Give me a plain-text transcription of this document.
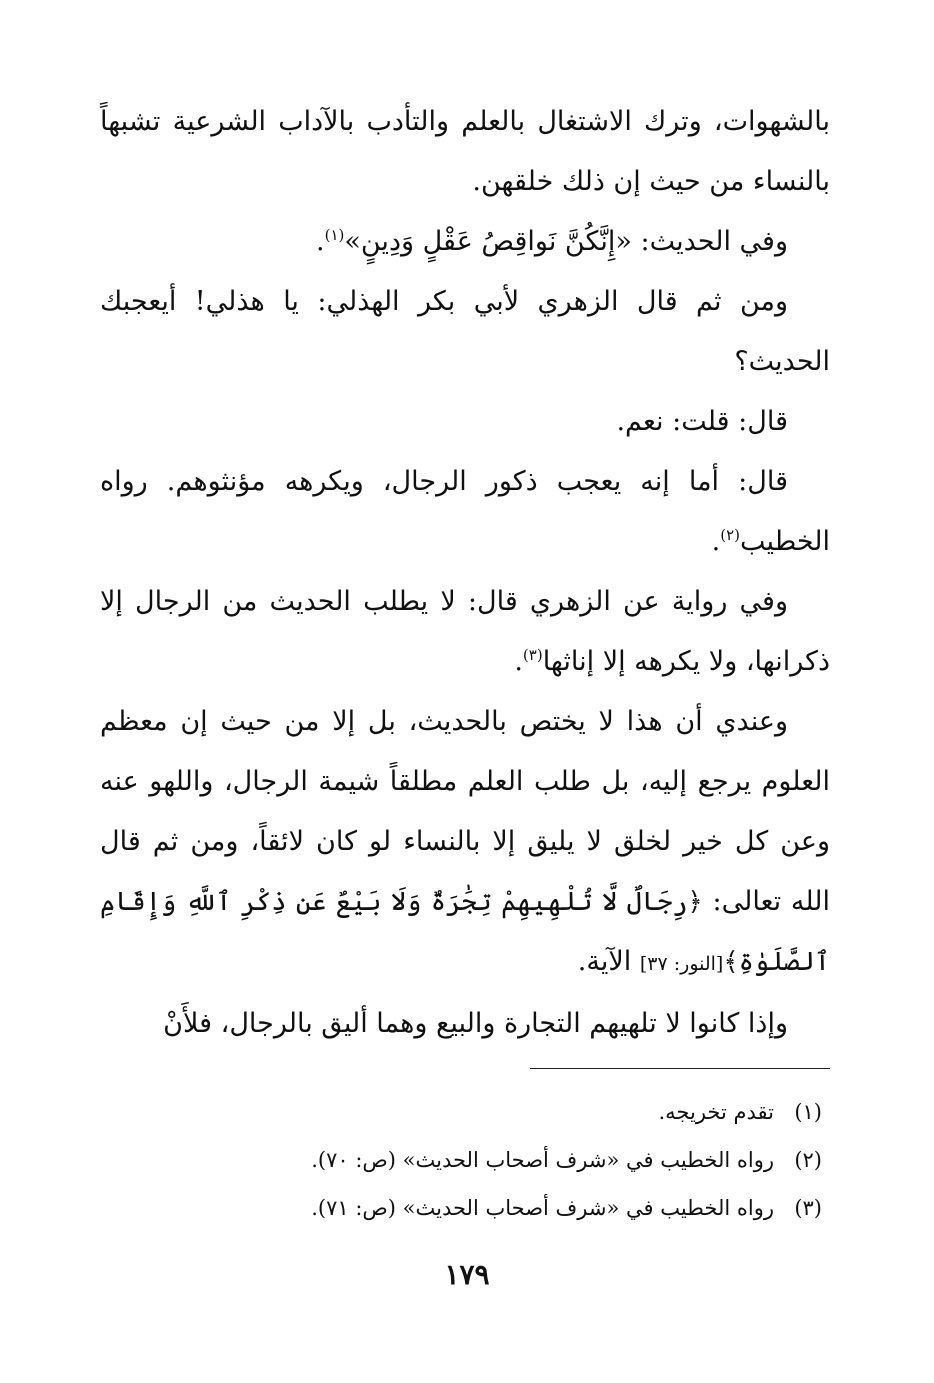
بالشهوات، وترك الاشتغال بالعلم والتأدب بالآداب الشرعية تشبهاً بالنساء من حيث إن ذلك خلقهن.

وفي الحديث: «إِنَّكُنَّ نَواقِصُ عَقْلٍ وَدِينٍ»$^{(١)}$.

ومن ثم قال الزهري لأبي بكر الهذلي: يا هذلي! أيعجبك الحديث؟

قال: قلت: نعم.

قال: أما إنه يعجب ذكور الرجال، ويكرهه مؤنثوهم. رواه الخطيب$^{(٢)}$.

وفي رواية عن الزهري قال: لا يطلب الحديث من الرجال إلا ذكرانها، ولا يكرهه إلا إناثها$^{(٣)}$.

وعندي أن هذا لا يختص بالحديث، بل إلا من حيث إن معظم العلوم يرجع إليه، بل طلب العلم مطلقاً شيمة الرجال، واللهو عنه وعن كل خير لخلق لا يليق إلا بالنساء لو كان لائقاً، ومن ثم قال الله تعالى: ﴿رِجَالٌ لَّا تُلْهِيهِمْ تِجَٰرَةٌ وَلَا بَيْعٌ عَن ذِكْرِ ٱللَّهِ وَإِقَامِ ٱلصَّلَوٰةِ﴾[النور: ٣٧] الآية.

وإذا كانوا لا تلهيهم التجارة والبيع وهما أليق بالرجال، فلأَنْ

(١)
تقدم تخريجه.
(٢)
رواه الخطيب في «شرف أصحاب الحديث» (ص: ٧٠).
(٣)
رواه الخطيب في «شرف أصحاب الحديث» (ص: ٧١).
١٧٩
